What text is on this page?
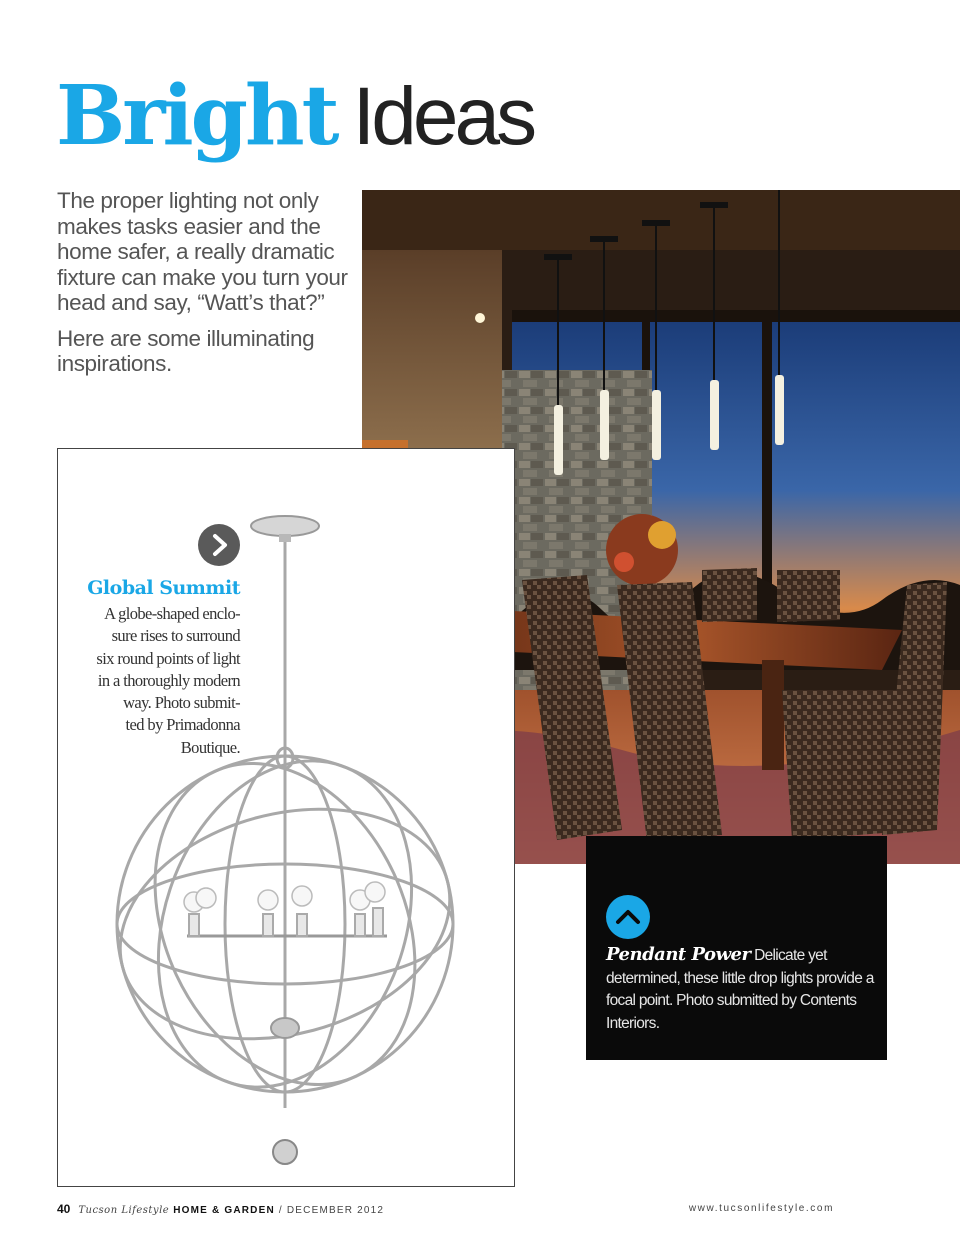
Bright Ideas

The proper lighting not only makes tasks easier and the home safer, a really dramatic fixture can make you turn your head and say, “Watt’s that?”

Here are some illuminating inspirations.

Global Summit
A globe-shaped enclo-
sure rises to surround
six round points of light
in a thoroughly modern
way. Photo submit-
ted by Primadonna
Boutique.
Pendant Power Delicate yet determined, these little drop lights provide a focal point. Photo submitted by Contents Interiors.
40 Tucson Lifestyle HOME & GARDEN / DECEMBER 2012	www.tucsonlifestyle.com
